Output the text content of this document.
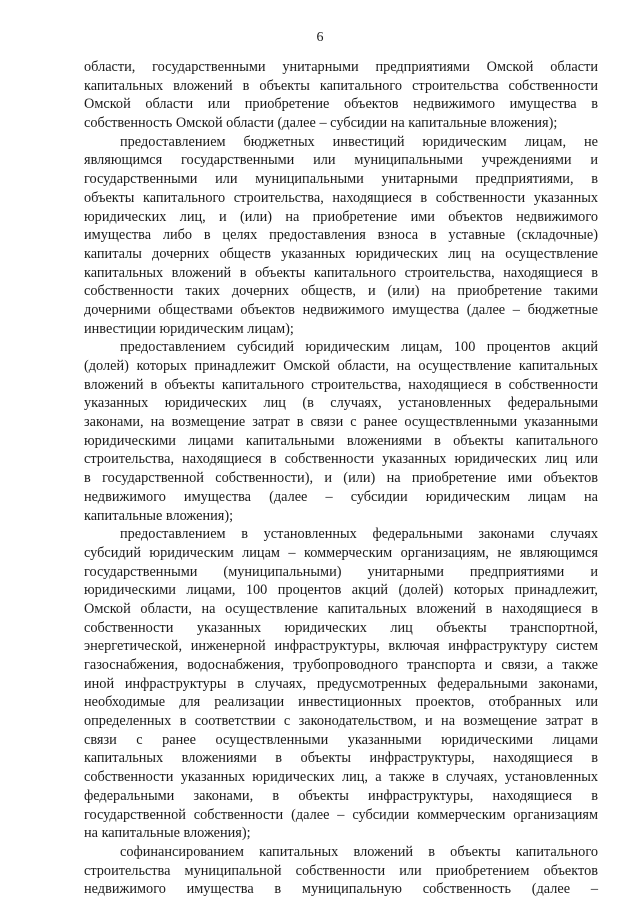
6
области, государственными унитарными предприятиями Омской области
капитальных вложений в объекты капитального строительства собственности
Омской области или приобретение объектов недвижимого имущества в
собственность Омской области (далее – субсидии на капитальные вложения);
предоставлением бюджетных инвестиций юридическим лицам, не
являющимся государственными или муниципальными учреждениями и
государственными или муниципальными унитарными предприятиями, в
объекты капитального строительства, находящиеся в собственности указанных
юридических лиц, и (или) на приобретение ими объектов недвижимого
имущества либо в целях предоставления взноса в уставные (складочные)
капиталы дочерних обществ указанных юридических лиц на осуществление
капитальных вложений в объекты капитального строительства, находящиеся в
собственности таких дочерних обществ, и (или) на приобретение такими
дочерними обществами объектов недвижимого имущества (далее – бюджетные
инвестиции юридическим лицам);
предоставлением субсидий юридическим лицам, 100 процентов акций
(долей) которых принадлежит Омской области, на осуществление капитальных
вложений в объекты капитального строительства, находящиеся в собственности
указанных юридических лиц (в случаях, установленных федеральными
законами, на возмещение затрат в связи с ранее осуществленными указанными
юридическими лицами капитальными вложениями в объекты капитального
строительства, находящиеся в собственности указанных юридических лиц или
в государственной собственности), и (или) на приобретение ими объектов
недвижимого имущества (далее – субсидии юридическим лицам на
капитальные вложения);
предоставлением в установленных федеральными законами случаях
субсидий юридическим лицам – коммерческим организациям, не являющимся
государственными (муниципальными) унитарными предприятиями и
юридическими лицами, 100 процентов акций (долей) которых принадлежит,
Омской области, на осуществление капитальных вложений в находящиеся в
собственности указанных юридических лиц объекты транспортной,
энергетической, инженерной инфраструктуры, включая инфраструктуру систем
газоснабжения, водоснабжения, трубопроводного транспорта и связи, а также
иной инфраструктуры в случаях, предусмотренных федеральными законами,
необходимые для реализации инвестиционных проектов, отобранных или
определенных в соответствии с законодательством, и на возмещение затрат в
связи с ранее осуществленными указанными юридическими лицами
капитальных вложениями в объекты инфраструктуры, находящиеся в
собственности указанных юридических лиц, а также в случаях, установленных
федеральными законами, в объекты инфраструктуры, находящиеся в
государственной собственности (далее – субсидии коммерческим организациям
на капитальные вложения);
софинансированием капитальных вложений в объекты капитального
строительства муниципальной собственности или приобретением объектов
недвижимого имущества в муниципальную собственность (далее –
